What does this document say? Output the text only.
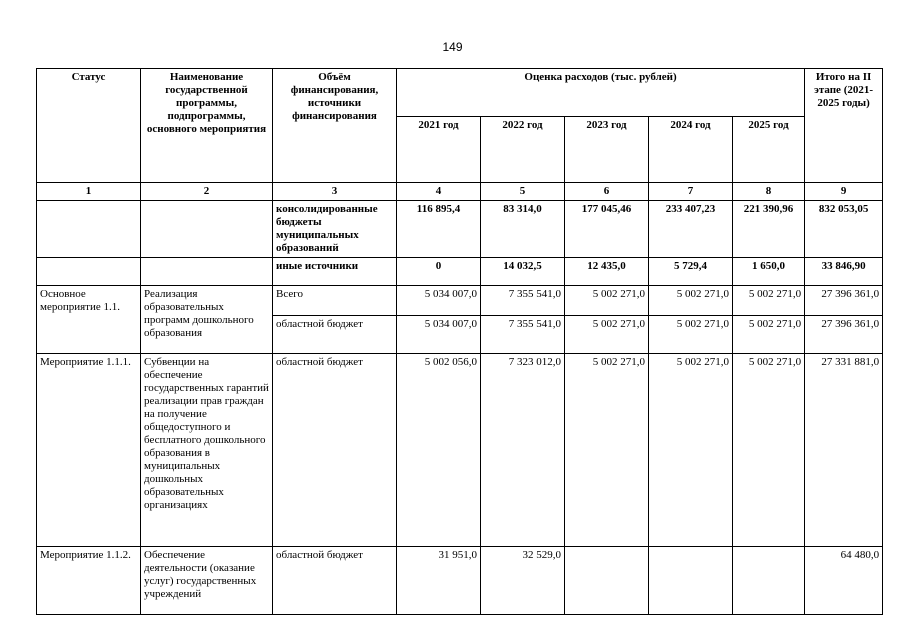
149
Статус	Наименование государственной программы, подпрограммы, основного мероприятия	Объём финансирования, источники финансирования	Оценка расходов (тыс. рублей)					Итого на II этапе (2021-2025 годы)
			2021 год	2022 год	2023 год	2024 год	2025 год	
1	2	3	4	5	6	7	8	9
		консолидированные бюджеты муниципальных образований	116 895,4	83 314,0	177 045,46	233 407,23	221 390,96	832 053,05
		иные источники	0	14 032,5	12 435,0	5 729,4	1 650,0	33 846,90
Основное мероприятие 1.1.	Реализация образовательных программ дошкольного образования	Всего	5 034 007,0	7 355 541,0	5 002 271,0	5 002 271,0	5 002 271,0	27 396 361,0
		областной бюджет	5 034 007,0	7 355 541,0	5 002 271,0	5 002 271,0	5 002 271,0	27 396 361,0
Мероприятие 1.1.1.	Субвенции на обеспечение государственных гарантий реализации прав граждан на получение общедоступного и бесплатного дошкольного образования в муниципальных дошкольных образовательных организациях	областной бюджет	5 002 056,0	7 323 012,0	5 002 271,0	5 002 271,0	5 002 271,0	27 331 881,0
Мероприятие 1.1.2.	Обеспечение деятельности (оказание услуг) государственных учреждений	областной бюджет	31 951,0	32 529,0				64 480,0
